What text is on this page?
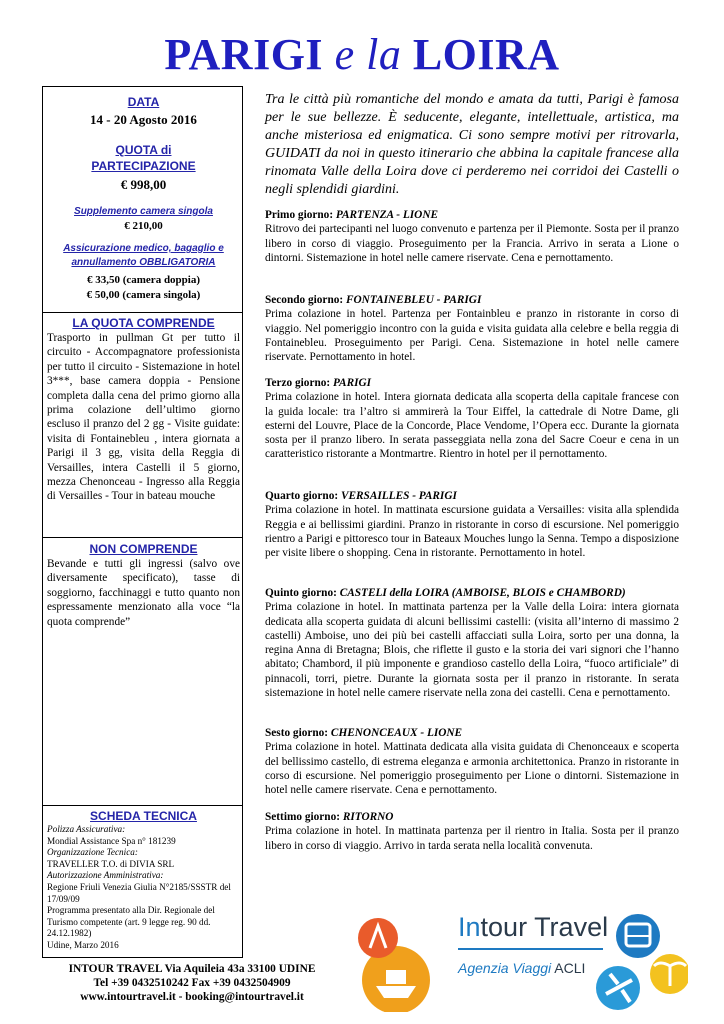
PARIGI e la LOIRA
DATA
14 - 20 Agosto 2016
QUOTA di
PARTECIPAZIONE
€ 998,00
Supplemento camera singola
€ 210,00
Assicurazione medico, bagaglio e
annullamento OBBLIGATORIA
€ 33,50 (camera doppia)
€ 50,00 (camera singola)
LA QUOTA COMPRENDE
Trasporto in pullman Gt per tutto il circuito - Accompagnatore professionista per tutto il circuito - Sistemazione in hotel 3***, base camera doppia - Pensione completa dalla cena del primo giorno alla prima colazione dell’ultimo giorno escluso il pranzo del 2 gg - Visite guidate: visita di Fontainebleu , intera giornata a Parigi il 3 gg, visita della Reggia di Versailles, intera Castelli il 5 giorno, mezza Chenonceau - Ingresso alla Reggia di Versailles - Tour in bateau mouche
NON COMPRENDE
Bevande e tutti gli ingressi (salvo ove diversamente specificato), tasse di soggiorno, facchinaggi e tutto quanto non espressamente menzionato alla voce “la quota comprende”
SCHEDA TECNICA
Polizza Assicurativa:
Mondial Assistance Spa n° 181239
Organizzazione Tecnica:
TRAVELLER T.O. di DIVIA SRL
Autorizzazione Amministrativa:
Regione Friuli Venezia Giulia N°2185/SSSTR del 17/09/09
Programma presentato alla Dir. Regionale del Turismo competente (art. 9 legge reg. 90 dd. 24.12.1982)
Udine, Marzo 2016
Tra le città più romantiche del mondo e amata da tutti, Parigi è famosa per le sue bellezze. È seducente, elegante, intellettuale, artistica, ma anche misteriosa ed enigmatica. Ci sono sempre motivi per ritrovarla, GUIDATI da noi in questo itinerario che abbina la capitale francese alla rinomata Valle della Loira dove ci perderemo nei corridoi dei Castelli o negli splendidi giardini.
Primo giorno: PARTENZA - LIONE
Ritrovo dei partecipanti nel luogo convenuto e partenza per il Piemonte. Sosta per il pranzo libero in corso di viaggio. Proseguimento per la Francia. Arrivo in serata a Lione o dintorni. Sistemazione in hotel nelle camere riservate. Cena e pernottamento.
Secondo giorno: FONTAINEBLEU - PARIGI
Prima colazione in hotel. Partenza per Fontainbleu e pranzo in ristorante in corso di viaggio. Nel pomeriggio incontro con la guida e visita guidata alla celebre e bella reggia di Fontainebleu. Proseguimento per Parigi. Cena. Sistemazione in hotel nelle camere riservate. Pernottamento in hotel.
Terzo giorno: PARIGI
Prima colazione in hotel. Intera giornata dedicata alla scoperta della capitale francese con la guida locale: tra l’altro si ammirerà la Tour Eiffel, la cattedrale di Notre Dame, gli esterni del Louvre, Place de la Concorde, Place Vendome, l’Opera ecc. Durante la giornata sosta per il pranzo libero. In serata passeggiata nella zona del Sacre Coeur e cena in un caratteristico ristorante a Montmartre. Rientro in hotel per il pernottamento.
Quarto giorno: VERSAILLES - PARIGI
Prima colazione in hotel. In mattinata escursione guidata a Versailles: visita alla splendida Reggia e ai bellissimi giardini. Pranzo in ristorante in corso di escursione. Nel pomeriggio rientro a Parigi e pittoresco tour in Bateaux Mouches lungo la Senna. Tempo a disposizione per visite libere o shopping. Cena in ristorante. Pernottamento in hotel.
Quinto giorno: CASTELI della LOIRA (AMBOISE, BLOIS e CHAMBORD)
Prima colazione in hotel. In mattinata partenza per la Valle della Loira: intera giornata dedicata alla scoperta guidata di alcuni bellissimi castelli: (visita all’interno di massimo 2 castelli) Amboise, uno dei più bei castelli affacciati sulla Loira, sorto per una donna, la regina Anna di Bretagna; Blois, che riflette il gusto e la storia dei vari signori che l’hanno abitato; Chambord, il più imponente e grandioso castello della Loira, “fuoco artificiale” di pinnacoli, torri, pietre. Durante la giornata sosta per il pranzo in ristorante. In serata sistemazione in hotel nelle camere riservate nella zona dei castelli. Cena e pernottamento.
Sesto giorno: CHENONCEAUX - LIONE
Prima colazione in hotel. Mattinata dedicata alla visita guidata di Chenonceaux e scoperta del bellissimo castello, di estrema eleganza e armonia architettonica. Pranzo in ristorante in corso di escursione. Nel pomeriggio proseguimento per Lione o dintorni. Sistemazione in hotel nelle camere riservate. Cena e pernottamento.
Settimo giorno: RITORNO
Prima colazione in hotel. In mattinata partenza per il rientro in Italia. Sosta per il pranzo libero in corso di viaggio. Arrivo in tarda serata nella località convenuta.
INTOUR TRAVEL Via Aquileia 43a 33100 UDINE
Tel +39 0432510242 Fax +39 0432504909
www.intourtravel.it - booking@intourtravel.it
Intour Travel
Agenzia Viaggi ACLI
